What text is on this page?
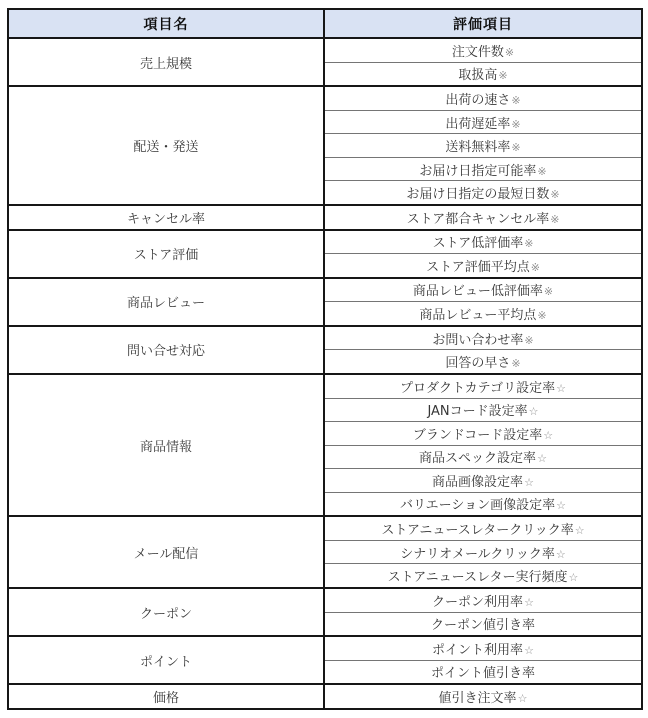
項目名	評価項目
売上規模	注文件数※
	取扱高※
配送・発送	出荷の速さ※
	出荷遅延率※
	送料無料率※
	お届け日指定可能率※
	お届け日指定の最短日数※
キャンセル率	ストア都合キャンセル率※
ストア評価	ストア低評価率※
	ストア評価平均点※
商品レビュー	商品レビュー低評価率※
	商品レビュー平均点※
問い合せ対応	お問い合わせ率※
	回答の早さ※
商品情報	プロダクトカテゴリ設定率☆
	JANコード設定率☆
	ブランドコード設定率☆
	商品スペック設定率☆
	商品画像設定率☆
	バリエーション画像設定率☆
メール配信	ストアニュースレタークリック率☆
	シナリオメールクリック率☆
	ストアニュースレター実行頻度☆
クーポン	クーポン利用率☆
	クーポン値引き率
ポイント	ポイント利用率☆
	ポイント値引き率
価格	値引き注文率☆
